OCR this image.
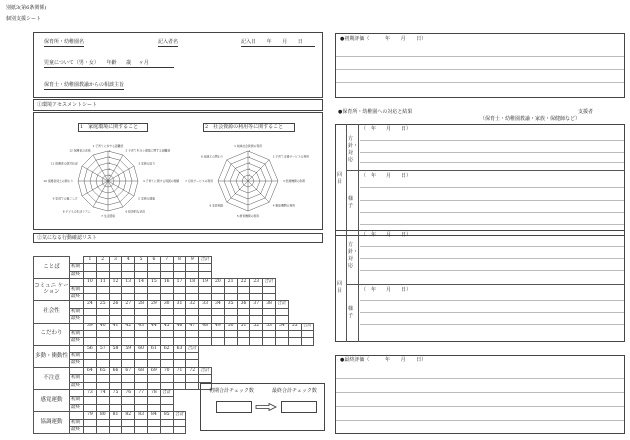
別紙3(第6条関係)
個別支援シート
保育所・幼稚園名	記入者名	記入日 年 月 日
児童について（男・女） 年齢 歳 ヶ月
保育士・幼稚園教諭からの相談主旨
①環境アセスメントシート
1　家庭環境に関すること	2　社会資源の利用等に関すること
1 子育てに対する困難感
2 子育てを行う環境に関する困難感
3 家族の協力
4 子育てに関する周囲の理解
5 家族の健康
6 経済的な状況
7 生活環境
8 子どもの生活リズム
9 家庭での過ごし方
10 保護者同士の関わり
11 保護者の就労状況
12 保護者の余裕
1
2
3
4
5
1 地域社会資源の利用
2 子育て支援サービスの利用
3 医療機関の利用
4 相談機関の利用
5 療育機関の利用
6 家庭相談
7 行政サービスの利用
8 地域との関わり
1
2
3
4
5
②気になる行動確認リスト
ことば		1	2	3	4	5	6	7	8	9	合計								
	初期																		
	最終																		
コミュニ ケーション		10	11	12	13	14	15	16	17	18	19	20	21	22	23	合計			
	初期																		
	最終																		
社会性		24	25	26	27	28	29	30	31	32	33	34	35	36	37	38	合計		
	初期																		
	最終																		
こだわり		39	40	41	42	43	44	45	46	47	48	49	50	51	52	53	54	55	合計
	初期																		
	最終																		
多動・衝動性		56	57	58	59	60	61	62	63	合計									
	初期																		
	最終																		
不注意		64	65	66	67	68	69	70	71	72	合計								
	初期																		
	最終																		
感覚運動		73	74	75	76	77	78	合計											
	初期																		
	最終																		
協調運動		79	80	81	82	83	84	85	合計										
	初期																		
	最終																		
初期合計チェック数	最終合計チェック数
●初期評価（	年 月 日）
●保育所・幼稚園への対応と結果	支援者
（保育士・幼稚園教諭・家族・保健師など）
回目
方針・対応
様子
（　年　　月　　日）
（　年　　月　　日）
回目
方針・対応
様子
（　年　　月　　日）
（　年　　月　　日）
●最終評価（	年 月 日）
